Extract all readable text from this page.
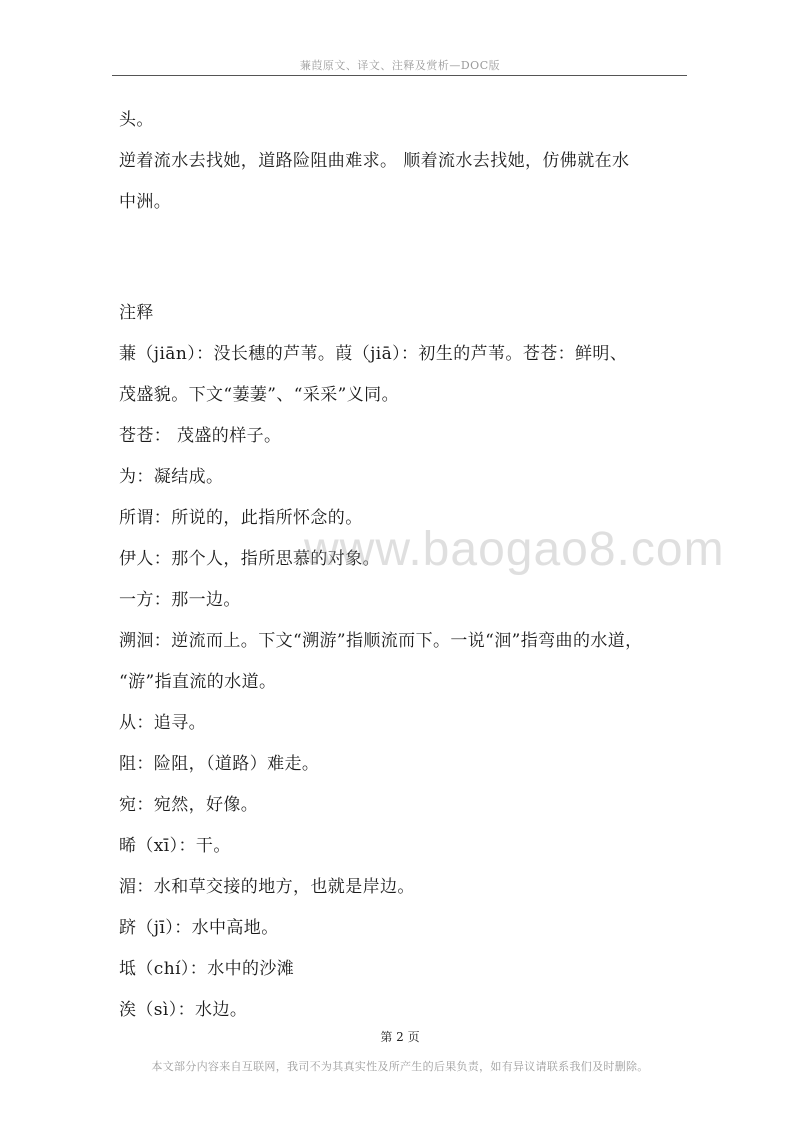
蒹葭原文、译文、注释及赏析—DOC版

头。

逆着流水去找她，道路险阻曲难求。 顺着流水去找她，仿佛就在水

中洲。

注释

蒹（jiān）：没长穗的芦苇。葭（jiā）：初生的芦苇。苍苍：鲜明、

茂盛貌。下文“萋萋”、“采采”义同。

苍苍： 茂盛的样子。

为：凝结成。

所谓：所说的，此指所怀念的。

伊人：那个人，指所思慕的对象。

一方：那一边。

溯洄：逆流而上。下文“溯游”指顺流而下。一说“洄”指弯曲的水道，

“游”指直流的水道。

从：追寻。

阻：险阻，（道路）难走。

宛：宛然，好像。

晞（xī）：干。

湄：水和草交接的地方，也就是岸边。

跻（jī）：水中高地。

坻（chí）：水中的沙滩

涘（sì）：水边。

www.baogao8.com
第 2 页
本文部分内容来自互联网，我司不为其真实性及所产生的后果负责，如有异议请联系我们及时删除。
